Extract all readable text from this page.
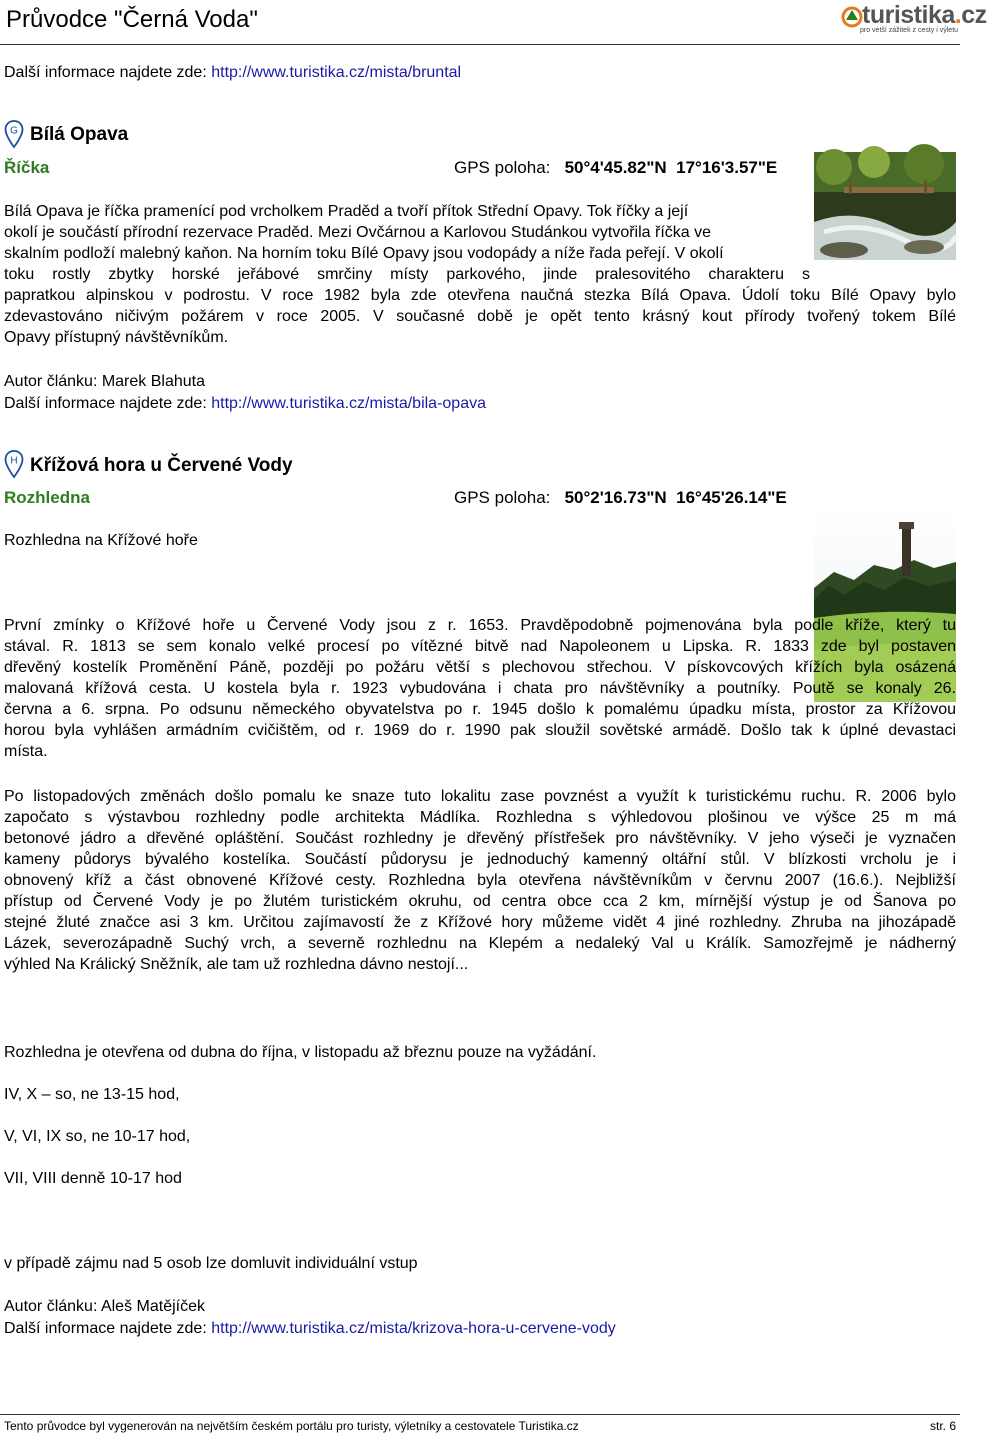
Průvodce "Černá Voda"	turistika.cz
pro vėtší zážitek z cesty i výletu
Další informace najdete zde: http://www.turistika.cz/mista/bruntal
G Bílá Opava
Říčka	GPS poloha: 50°4'45.82"N 17°16'3.57"E
Bílá Opava je říčka pramenící pod vrcholkem Praděd a tvoří přítok Střední Opavy. Tok říčky a její
okolí je součástí přírodní rezervace Praděd. Mezi Ovčárnou a Karlovou Studánkou vytvořila říčka ve
skalním podloží malebný kaňon. Na horním toku Bílé Opavy jsou vodopády a níže řada peřejí. V okolí
toku rostly zbytky horské jeřábové smrčiny místy parkového, jinde pralesovitého charakteru s
papratkou alpinskou v podrostu. V roce 1982 byla zde otevřena naučná stezka Bílá Opava. Údolí toku Bílé Opavy bylo
zdevastováno ničivým požárem v roce 2005. V současné době je opět tento krásný kout přírody tvořený tokem Bílé
Opavy přístupný návštěvníkům.
Autor článku: Marek Blahuta
Další informace najdete zde: http://www.turistika.cz/mista/bila-opava
H Křížová hora u Červené Vody
Rozhledna	GPS poloha: 50°2'16.73"N 16°45'26.14"E
Rozhledna na Křížové hoře
První zmínky o Křížové hoře u Červené Vody jsou z r. 1653. Pravděpodobně pojmenována byla podle kříže, který tu
stával. R. 1813 se sem konalo velké procesí po vítězné bitvě nad Napoleonem u Lipska. R. 1833 zde byl postaven
dřevěný kostelík Proměnění Páně, později po požáru větší s plechovou střechou. V pískovcových křížích byla osázená
malovaná křížová cesta. U kostela byla r. 1923 vybudována i chata pro návštěvníky a poutníky. Poutě se konaly 26.
června a 6. srpna. Po odsunu německého obyvatelstva po r. 1945 došlo k pomalému úpadku místa, prostor za Křížovou
horou byla vyhlášen armádním cvičištěm, od r. 1969 do r. 1990 pak sloužil sovětské armádě. Došlo tak k úplné devastaci
místa.
Po listopadových změnách došlo pomalu ke snaze tuto lokalitu zase povznést a využít k turistickému ruchu. R. 2006 bylo
započato s výstavbou rozhledny podle architekta Mádlíka. Rozhledna s výhledovou plošinou ve výšce 25 m má
betonové jádro a dřevěné opláštění. Součást rozhledny je dřevěný přístřešek pro návštěvníky. V jeho výseči je vyznačen
kameny půdorys bývalého kostelíka. Součástí půdorysu je jednoduchý kamenný oltářní stůl. V blízkosti vrcholu je i
obnovený kříž a část obnovené Křížové cesty. Rozhledna byla otevřena návštěvníkům v červnu 2007 (16.6.). Nejbližší
přístup od Červené Vody je po žlutém turistickém okruhu, od centra obce cca 2 km, mírnější výstup je od Šanova po
stejné žluté značce asi 3 km. Určitou zajímavostí že z Křížové hory můžeme vidět 4 jiné rozhledny. Zhruba na jihozápadě
Lázek, severozápadně Suchý vrch, a severně rozhlednu na Klepém a nedaleký Val u Králík. Samozřejmě je nádherný
výhled Na Králický Sněžník, ale tam už rozhledna dávno nestojí...
Rozhledna je otevřena od dubna do října, v listopadu až březnu pouze na vyžádání.
IV, X – so, ne 13-15 hod,
V, VI, IX so, ne 10-17 hod,
VII, VIII denně 10-17 hod
v případě zájmu nad 5 osob lze domluvit individuální vstup
Autor článku: Aleš Matějíček
Další informace najdete zde: http://www.turistika.cz/mista/krizova-hora-u-cervene-vody
Tento průvodce byl vygenerován na největším českém portálu pro turisty, výletníky a cestovatele Turistika.cz	str. 6
